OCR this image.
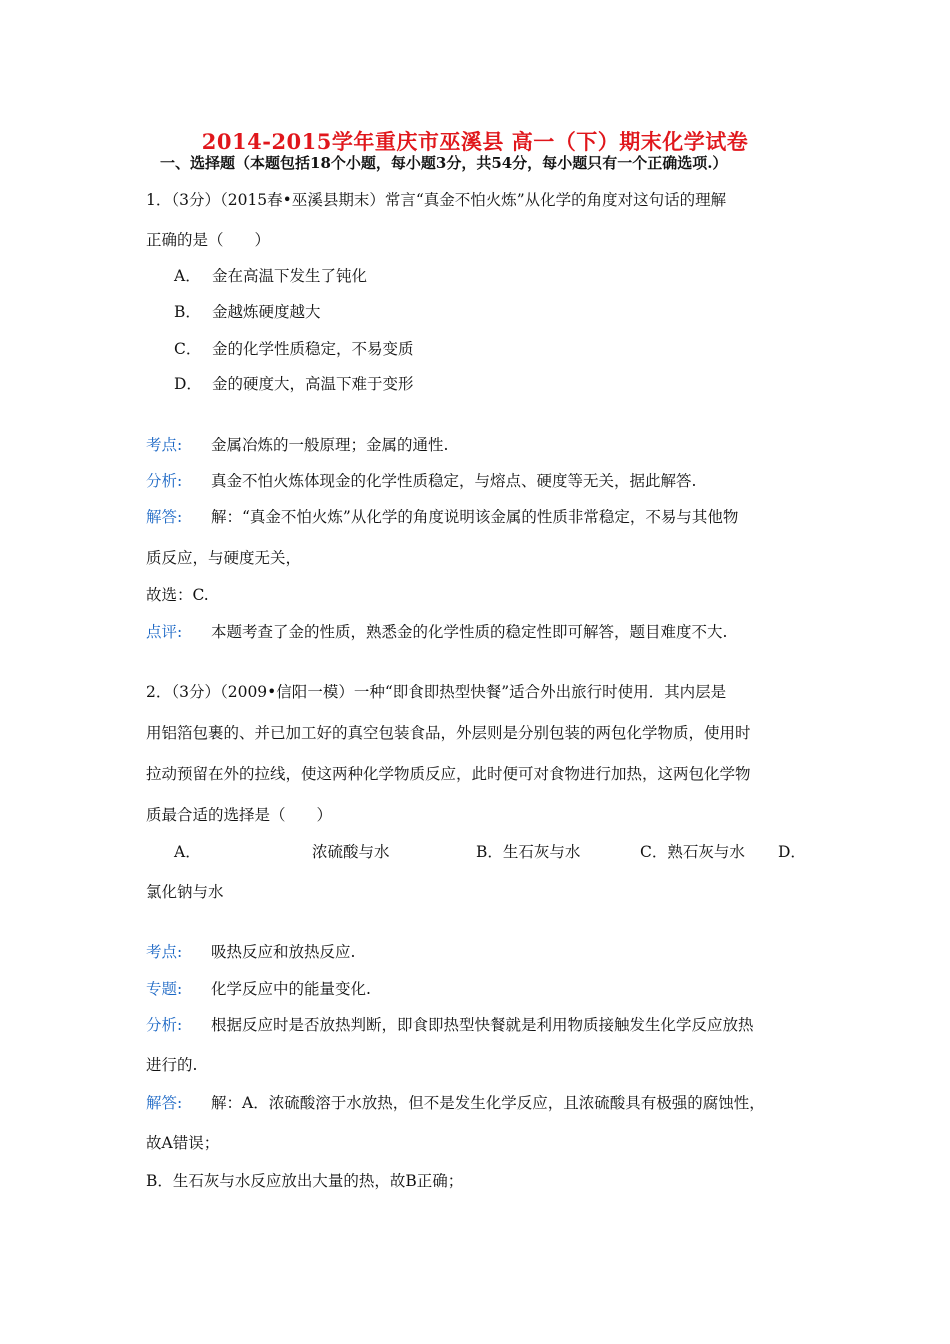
2014-2015学年重庆市巫溪县 高一（下）期末化学试卷
一、选择题（本题包括18个小题，每小题3分，共54分，每小题只有一个正确选项.）
1．（3分）（2015春•巫溪县期末）常言“真金不怕火炼”从化学的角度对这句话的理解
正确的是（　　）
A． 金在高温下发生了钝化
B． 金越炼硬度越大
C． 金的化学性质稳定，不易变质
D． 金的硬度大，高温下难于变形
考点: 金属冶炼的一般原理；金属的通性.
分析: 真金不怕火炼体现金的化学性质稳定，与熔点、硬度等无关，据此解答.
解答: 解：“真金不怕火炼”从化学的角度说明该金属的性质非常稳定，不易与其他物
质反应，与硬度无关，
故选：C.
点评: 本题考查了金的性质，熟悉金的化学性质的稳定性即可解答，题目难度不大.
2．（3分）（2009•信阳一模）一种“即食即热型快餐”适合外出旅行时使用．其内层是
用铝箔包裹的、并已加工好的真空包装食品，外层则是分别包装的两包化学物质，使用时
拉动预留在外的拉线，使这两种化学物质反应，此时便可对食物进行加热，这两包化学物
质最合适的选择是（　　）
A．	浓硫酸与水	B．生石灰与水	C．熟石灰与水 D．
氯化钠与水
考点: 吸热反应和放热反应.
专题: 化学反应中的能量变化.
分析: 根据反应时是否放热判断，即食即热型快餐就是利用物质接触发生化学反应放热
进行的.
解答: 解：A．浓硫酸溶于水放热，但不是发生化学反应，且浓硫酸具有极强的腐蚀性，
故A错误；
B．生石灰与水反应放出大量的热，故B正确；
